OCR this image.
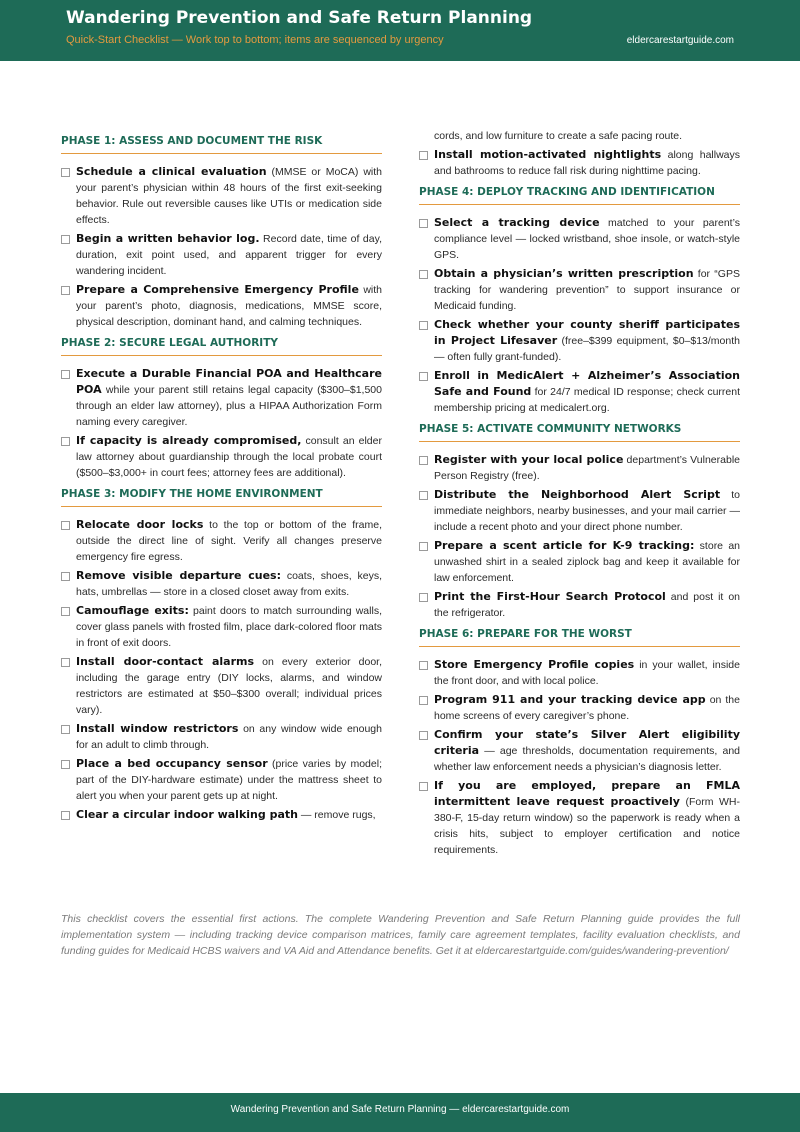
Wandering Prevention and Safe Return Planning
Quick-Start Checklist — Work top to bottom; items are sequenced by urgency	eldercarestartguide.com
PHASE 1: ASSESS AND DOCUMENT THE RISK
Schedule a clinical evaluation (MMSE or MoCA) with your parent’s physician within 48 hours of the first exit-seeking behavior. Rule out reversible causes like UTIs or medication side effects.
Begin a written behavior log. Record date, time of day, duration, exit point used, and apparent trigger for every wandering incident.
Prepare a Comprehensive Emergency Profile with your parent’s photo, diagnosis, medications, MMSE score, physical description, dominant hand, and calming techniques.
PHASE 2: SECURE LEGAL AUTHORITY
Execute a Durable Financial POA and Healthcare POA while your parent still retains legal capacity ($300–$1,500 through an elder law attorney), plus a HIPAA Authorization Form naming every caregiver.
If capacity is already compromised, consult an elder law attorney about guardianship through the local probate court ($500–$3,000+ in court fees; attorney fees are additional).
PHASE 3: MODIFY THE HOME ENVIRONMENT
Relocate door locks to the top or bottom of the frame, outside the direct line of sight. Verify all changes preserve emergency fire egress.
Remove visible departure cues: coats, shoes, keys, hats, umbrellas — store in a closed closet away from exits.
Camouflage exits: paint doors to match surrounding walls, cover glass panels with frosted film, place dark-colored floor mats in front of exit doors.
Install door-contact alarms on every exterior door, including the garage entry (DIY locks, alarms, and window restrictors are estimated at $50–$300 overall; individual prices vary).
Install window restrictors on any window wide enough for an adult to climb through.
Place a bed occupancy sensor (price varies by model; part of the DIY-hardware estimate) under the mattress sheet to alert you when your parent gets up at night.
Clear a circular indoor walking path — remove rugs,
cords, and low furniture to create a safe pacing route.
Install motion-activated nightlights along hallways and bathrooms to reduce fall risk during nighttime pacing.
PHASE 4: DEPLOY TRACKING AND IDENTIFICATION
Select a tracking device matched to your parent’s compliance level — locked wristband, shoe insole, or watch-style GPS.
Obtain a physician’s written prescription for “GPS tracking for wandering prevention” to support insurance or Medicaid funding.
Check whether your county sheriff participates in Project Lifesaver (free–$399 equipment, $0–$13/month — often fully grant-funded).
Enroll in MedicAlert + Alzheimer’s Association Safe and Found for 24/7 medical ID response; check current membership pricing at medicalert.org.
PHASE 5: ACTIVATE COMMUNITY NETWORKS
Register with your local police department’s Vulnerable Person Registry (free).
Distribute the Neighborhood Alert Script to immediate neighbors, nearby businesses, and your mail carrier — include a recent photo and your direct phone number.
Prepare a scent article for K-9 tracking: store an unwashed shirt in a sealed ziplock bag and keep it available for law enforcement.
Print the First-Hour Search Protocol and post it on the refrigerator.
PHASE 6: PREPARE FOR THE WORST
Store Emergency Profile copies in your wallet, inside the front door, and with local police.
Program 911 and your tracking device app on the home screens of every caregiver’s phone.
Confirm your state’s Silver Alert eligibility criteria — age thresholds, documentation requirements, and whether law enforcement needs a physician’s diagnosis letter.
If you are employed, prepare an FMLA intermittent leave request proactively (Form WH-380-F, 15-day return window) so the paperwork is ready when a crisis hits, subject to employer certification and notice requirements.
This checklist covers the essential first actions. The complete Wandering Prevention and Safe Return Planning guide provides the full implementation system — including tracking device comparison matrices, family care agreement templates, facility evaluation checklists, and funding guides for Medicaid HCBS waivers and VA Aid and Attendance benefits. Get it at eldercarestartguide.com/guides/wandering-prevention/
Wandering Prevention and Safe Return Planning — eldercarestartguide.com
